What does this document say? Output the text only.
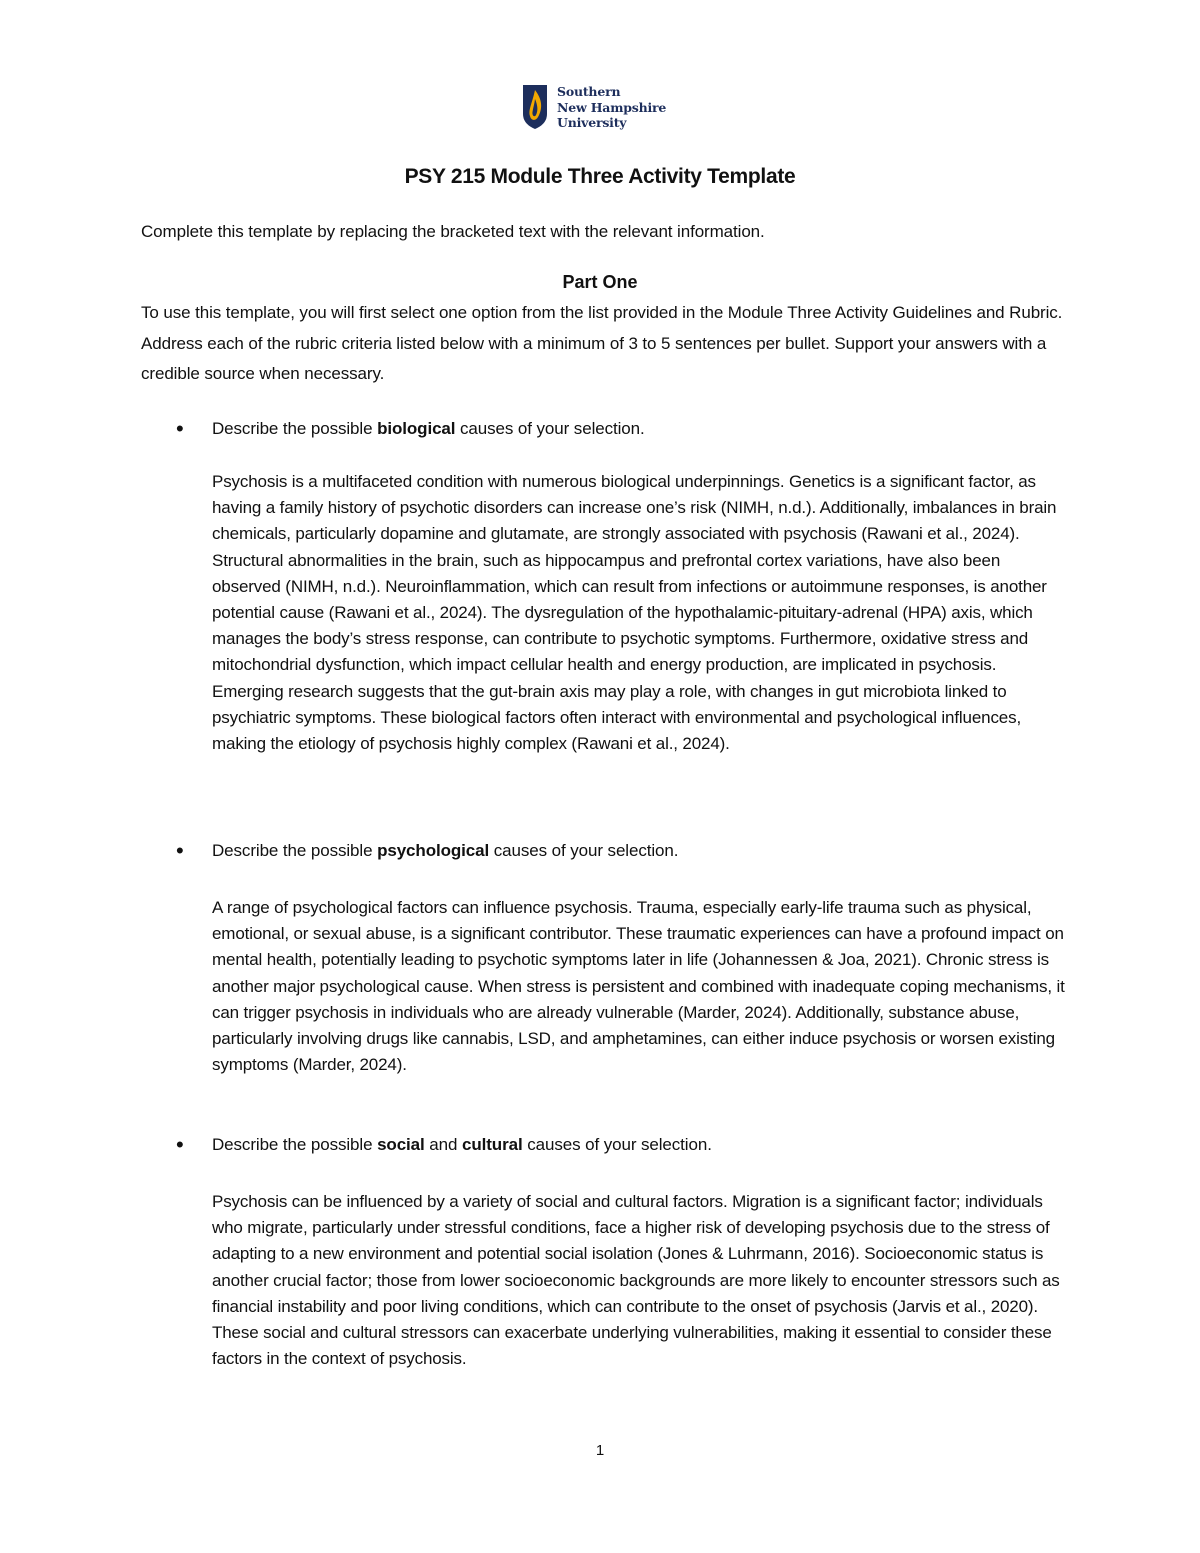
Southern
New Hampshire
University
PSY 215 Module Three Activity Template
Complete this template by replacing the bracketed text with the relevant information.
Part One
To use this template, you will first select one option from the list provided in the Module Three Activity Guidelines and Rubric. Address each of the rubric criteria listed below with a minimum of 3 to 5 sentences per bullet. Support your answers with a credible source when necessary.
• Describe the possible biological causes of your selection.
Psychosis is a multifaceted condition with numerous biological underpinnings. Genetics is a significant factor, as having a family history of psychotic disorders can increase one’s risk (NIMH, n.d.). Additionally, imbalances in brain chemicals, particularly dopamine and glutamate, are strongly associated with psychosis (Rawani et al., 2024). Structural abnormalities in the brain, such as hippocampus and prefrontal cortex variations, have also been observed (NIMH, n.d.). Neuroinflammation, which can result from infections or autoimmune responses, is another potential cause (Rawani et al., 2024). The dysregulation of the hypothalamic-pituitary-adrenal (HPA) axis, which manages the body’s stress response, can contribute to psychotic symptoms. Furthermore, oxidative stress and mitochondrial dysfunction, which impact cellular health and energy production, are implicated in psychosis. Emerging research suggests that the gut-brain axis may play a role, with changes in gut microbiota linked to psychiatric symptoms. These biological factors often interact with environmental and psychological influences, making the etiology of psychosis highly complex (Rawani et al., 2024).
• Describe the possible psychological causes of your selection.
A range of psychological factors can influence psychosis. Trauma, especially early-life trauma such as physical, emotional, or sexual abuse, is a significant contributor. These traumatic experiences can have a profound impact on mental health, potentially leading to psychotic symptoms later in life (Johannessen & Joa, 2021). Chronic stress is another major psychological cause. When stress is persistent and combined with inadequate coping mechanisms, it can trigger psychosis in individuals who are already vulnerable (Marder, 2024). Additionally, substance abuse, particularly involving drugs like cannabis, LSD, and amphetamines, can either induce psychosis or worsen existing symptoms (Marder, 2024).
• Describe the possible social and cultural causes of your selection.
Psychosis can be influenced by a variety of social and cultural factors. Migration is a significant factor; individuals who migrate, particularly under stressful conditions, face a higher risk of developing psychosis due to the stress of adapting to a new environment and potential social isolation (Jones & Luhrmann, 2016). Socioeconomic status is another crucial factor; those from lower socioeconomic backgrounds are more likely to encounter stressors such as financial instability and poor living conditions, which can contribute to the onset of psychosis (Jarvis et al., 2020). These social and cultural stressors can exacerbate underlying vulnerabilities, making it essential to consider these factors in the context of psychosis.
1
